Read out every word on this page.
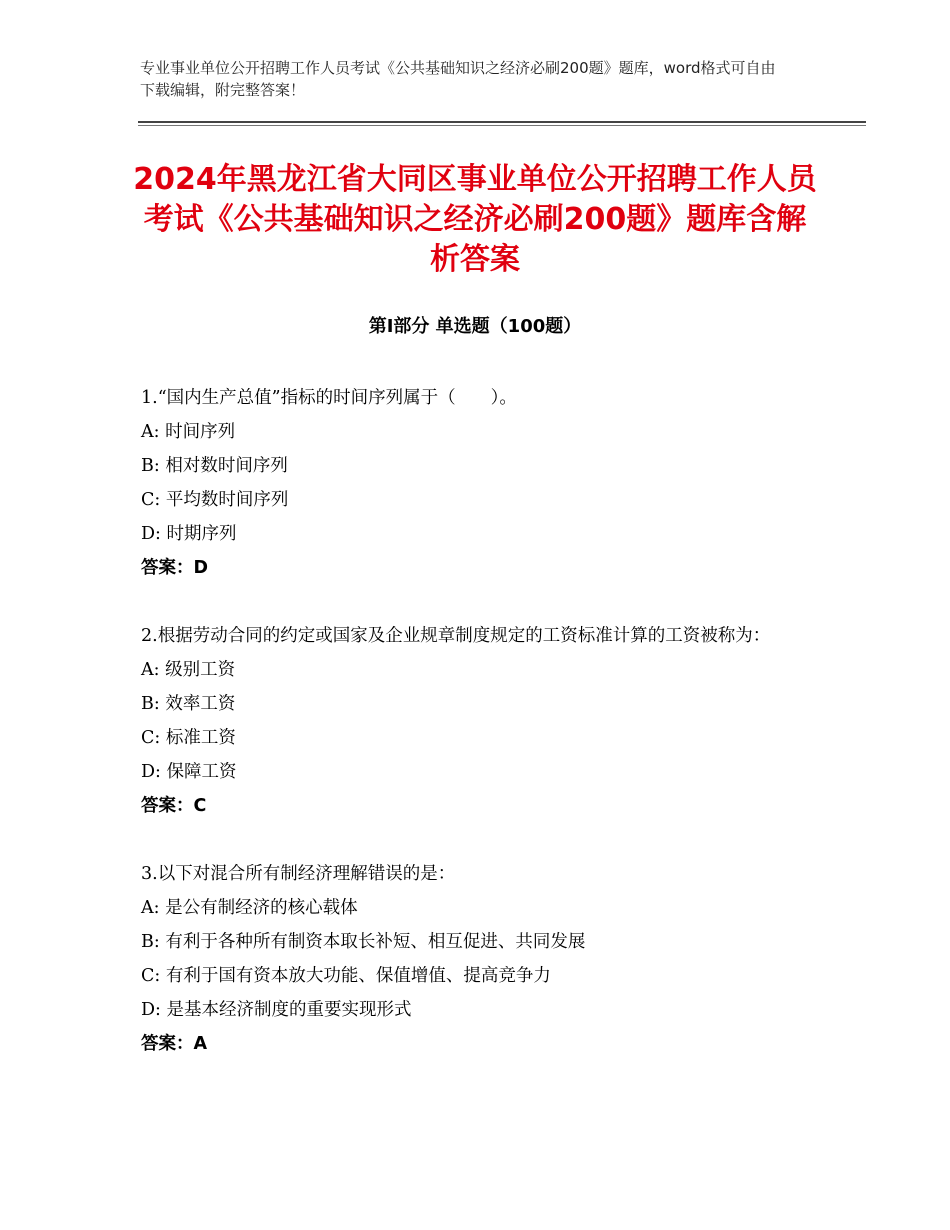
专业事业单位公开招聘工作人员考试《公共基础知识之经济必刷200题》题库，word格式可自由下载编辑，附完整答案！
2024年黑龙江省大同区事业单位公开招聘工作人员考试《公共基础知识之经济必刷200题》题库含解析答案
第Ⅰ部分 单选题（100题）

1.“国内生产总值”指标的时间序列属于（　　）。

A: 时间序列

B: 相对数时间序列

C: 平均数时间序列

D: 时期序列

答案：D

2.根据劳动合同的约定或国家及企业规章制度规定的工资标准计算的工资被称为：

A: 级别工资

B: 效率工资

C: 标准工资

D: 保障工资

答案：C

3.以下对混合所有制经济理解错误的是：

A: 是公有制经济的核心载体

B: 有利于各种所有制资本取长补短、相互促进、共同发展

C: 有利于国有资本放大功能、保值增值、提高竞争力

D: 是基本经济制度的重要实现形式

答案：A
